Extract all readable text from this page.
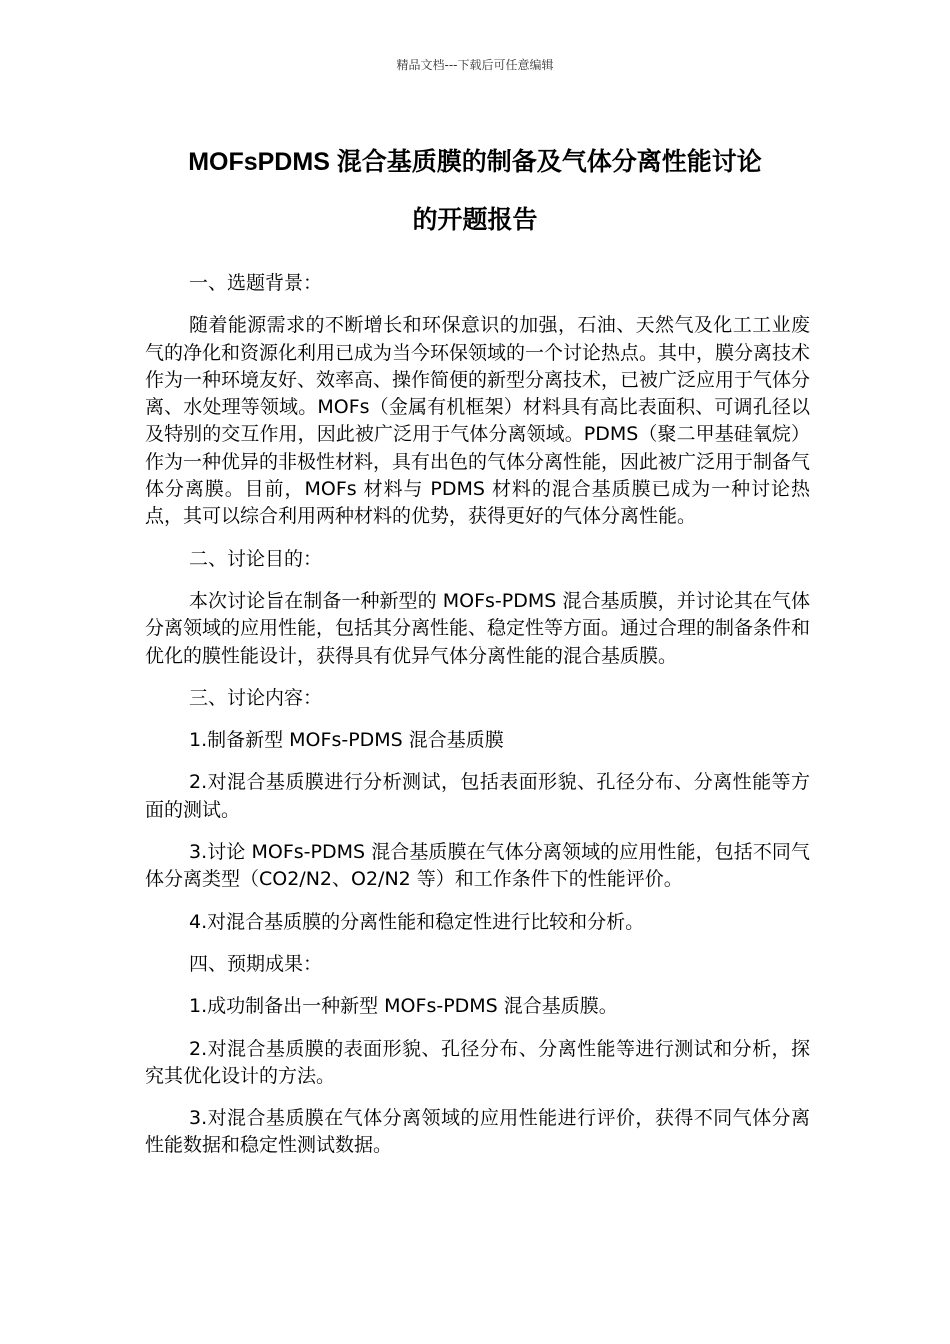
精品文档---下载后可任意编辑
MOFsPDMS 混合基质膜的制备及气体分离性能讨论
的开题报告

一、选题背景：

随着能源需求的不断增长和环保意识的加强，石油、天然气及化工工业废气的净化和资源化利用已成为当今环保领域的一个讨论热点。其中，膜分离技术作为一种环境友好、效率高、操作简便的新型分离技术，已被广泛应用于气体分离、水处理等领域。MOFs（金属有机框架）材料具有高比表面积、可调孔径以及特别的交互作用，因此被广泛用于气体分离领域。PDMS（聚二甲基硅氧烷）作为一种优异的非极性材料，具有出色的气体分离性能，因此被广泛用于制备气体分离膜。目前，MOFs 材料与 PDMS 材料的混合基质膜已成为一种讨论热点，其可以综合利用两种材料的优势，获得更好的气体分离性能。

二、讨论目的：

本次讨论旨在制备一种新型的 MOFs-PDMS 混合基质膜，并讨论其在气体分离领域的应用性能，包括其分离性能、稳定性等方面。通过合理的制备条件和优化的膜性能设计，获得具有优异气体分离性能的混合基质膜。

三、讨论内容：

1.制备新型 MOFs-PDMS 混合基质膜

2.对混合基质膜进行分析测试，包括表面形貌、孔径分布、分离性能等方面的测试。

3.讨论 MOFs-PDMS 混合基质膜在气体分离领域的应用性能，包括不同气体分离类型（CO2/N2、O2/N2 等）和工作条件下的性能评价。

4.对混合基质膜的分离性能和稳定性进行比较和分析。

四、预期成果：

1.成功制备出一种新型 MOFs-PDMS 混合基质膜。

2.对混合基质膜的表面形貌、孔径分布、分离性能等进行测试和分析，探究其优化设计的方法。

3.对混合基质膜在气体分离领域的应用性能进行评价，获得不同气体分离性能数据和稳定性测试数据。
